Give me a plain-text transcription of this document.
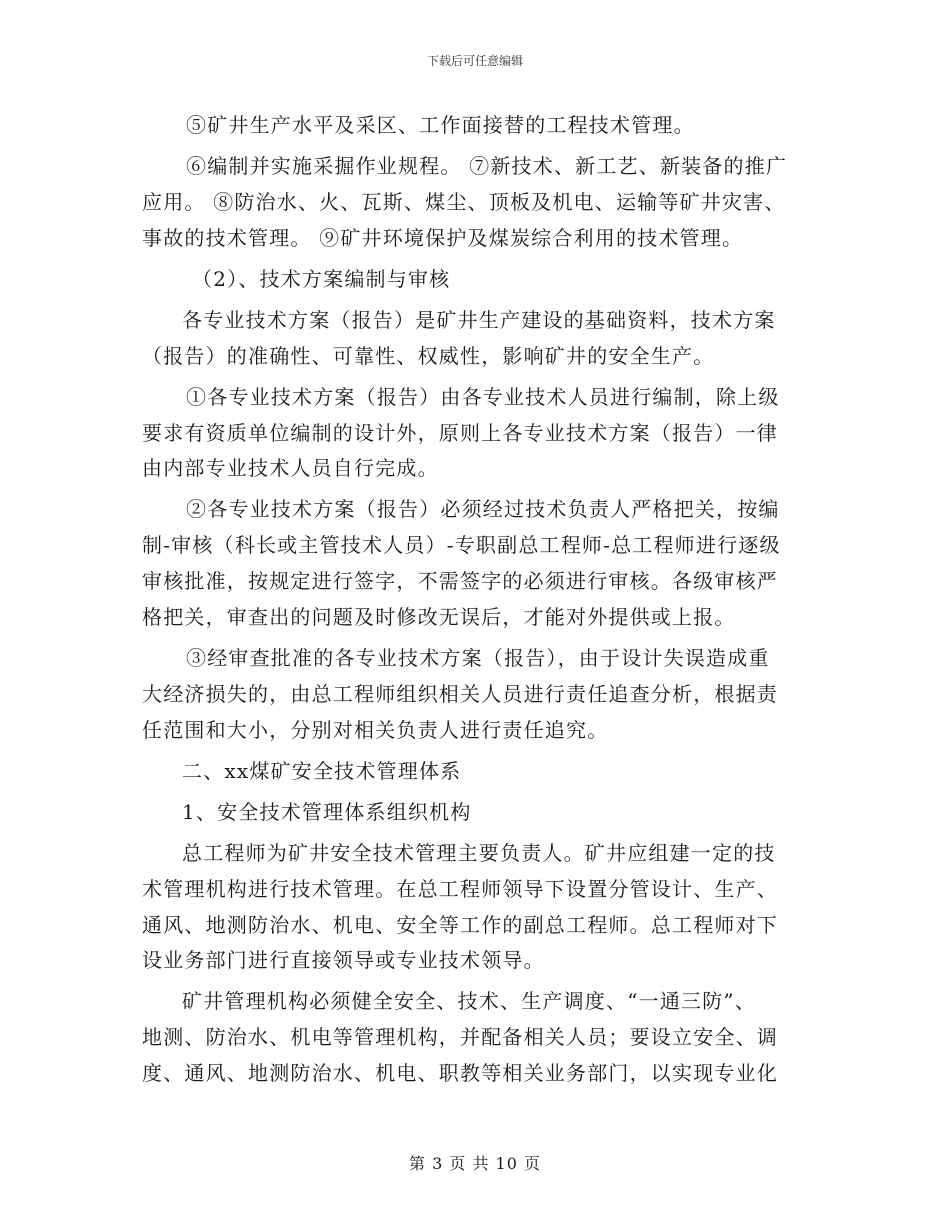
下载后可任意编辑

⑤矿井生产水平及采区、工作面接替的工程技术管理。

⑥编制并实施采掘作业规程。 ⑦新技术、新工艺、新装备的推广
应用。 ⑧防治水、火、瓦斯、煤尘、顶板及机电、运输等矿井灾害、
事故的技术管理。 ⑨矿井环境保护及煤炭综合利用的技术管理。

（2）、技术方案编制与审核

各专业技术方案（报告）是矿井生产建设的基础资料，技术方案
（报告）的准确性、可靠性、权威性，影响矿井的安全生产。

①各专业技术方案（报告）由各专业技术人员进行编制，除上级
要求有资质单位编制的设计外，原则上各专业技术方案（报告）一律
由内部专业技术人员自行完成。

②各专业技术方案（报告）必须经过技术负责人严格把关，按编
制-审核（科长或主管技术人员）-专职副总工程师-总工程师进行逐级
审核批准，按规定进行签字，不需签字的必须进行审核。各级审核严
格把关，审查出的问题及时修改无误后，才能对外提供或上报。

③经审查批准的各专业技术方案（报告），由于设计失误造成重
大经济损失的，由总工程师组织相关人员进行责任追查分析，根据责
任范围和大小，分别对相关负责人进行责任追究。

二、xx煤矿安全技术管理体系

1、安全技术管理体系组织机构

总工程师为矿井安全技术管理主要负责人。矿井应组建一定的技
术管理机构进行技术管理。在总工程师领导下设置分管设计、生产、
通风、地测防治水、机电、安全等工作的副总工程师。总工程师对下
设业务部门进行直接领导或专业技术领导。

矿井管理机构必须健全安全、技术、生产调度、“一通三防”、
地测、防治水、机电等管理机构，并配备相关人员；要设立安全、调
度、通风、地测防治水、机电、职教等相关业务部门，以实现专业化

第 3 页 共 10 页
